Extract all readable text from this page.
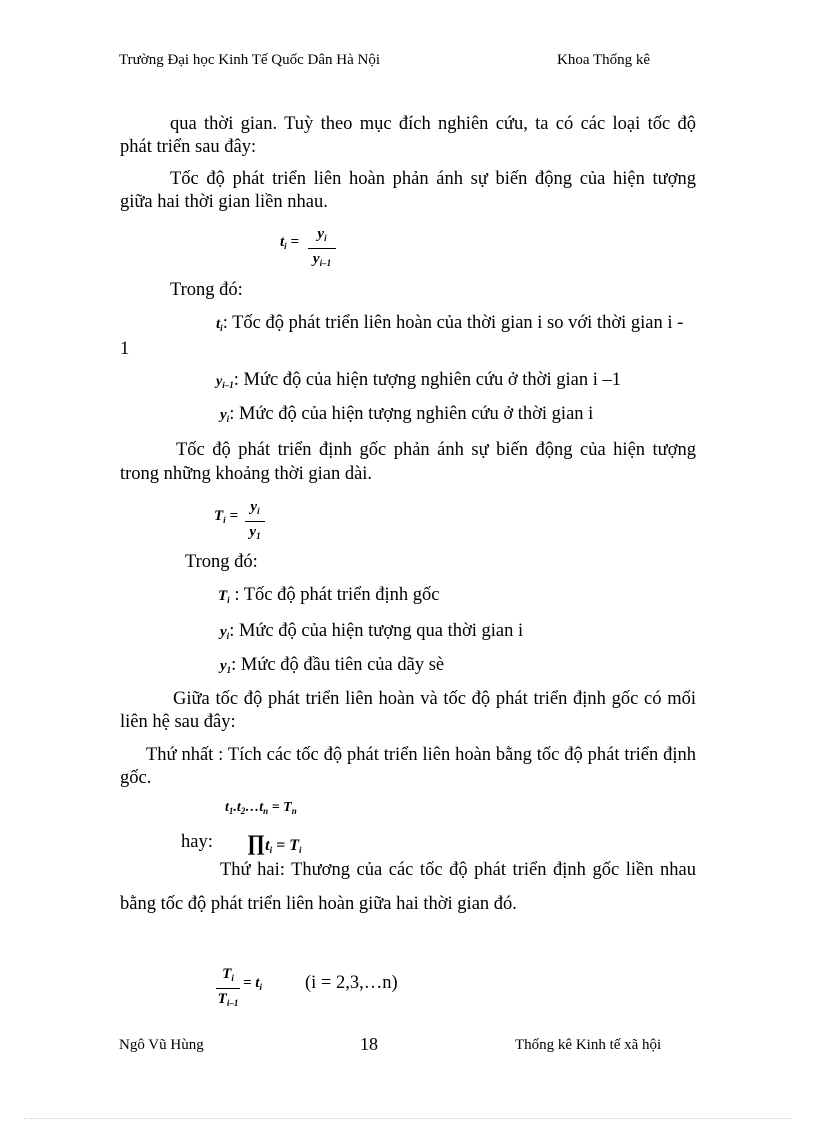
Trường Đại học Kinh Tế Quốc Dân Hà Nội	Khoa Thống kê
qua thời gian. Tuỳ theo mục đích nghiên cứu, ta có các loại tốc độ
phát triển sau đây:
Tốc độ phát triển liên hoàn phản ánh sự biến động của hiện tượng
giữa hai thời gian liền nhau.
$t_i$ =	$y_i$
$y_{i-1}$
Trong đó:
$t_i$: Tốc độ phát triển liên hoàn của thời gian i so với thời gian i -
1
$y_{i-1}$: Mức độ của hiện tượng nghiên cứu ở thời gian i –1
$y_i$: Mức độ của hiện tượng nghiên cứu ở thời gian i
Tốc độ phát triển định gốc phản ánh sự biến động của hiện tượng
trong những khoảng thời gian dài.
$T_i$ =
$y_i$
$y_1$
Trong đó:
$T_i$ : Tốc độ phát triển định gốc
$y_i$: Mức độ của hiện tượng qua thời gian i
$y_1$: Mức độ đầu tiên của dãy sè
Giữa tốc độ phát triển liên hoàn và tốc độ phát triển định gốc có mối
liên hệ sau đây:
Thứ nhất : Tích các tốc độ phát triển liên hoàn bằng tốc độ phát triển định
gốc.
$t_1.t_2\dots t_n = T_n$
hay: $\prod t_i = T_i$
Thứ hai: Thương của các tốc độ phát triển định gốc liền nhau
bằng tốc độ phát triển liên hoàn giữa hai thời gian đó.
$T_i$
$T_{i-1}$
= $t_i$ (i = 2,3,…n)
Ngô Vũ Hùng	18	Thống kê Kinh tế xã hội
